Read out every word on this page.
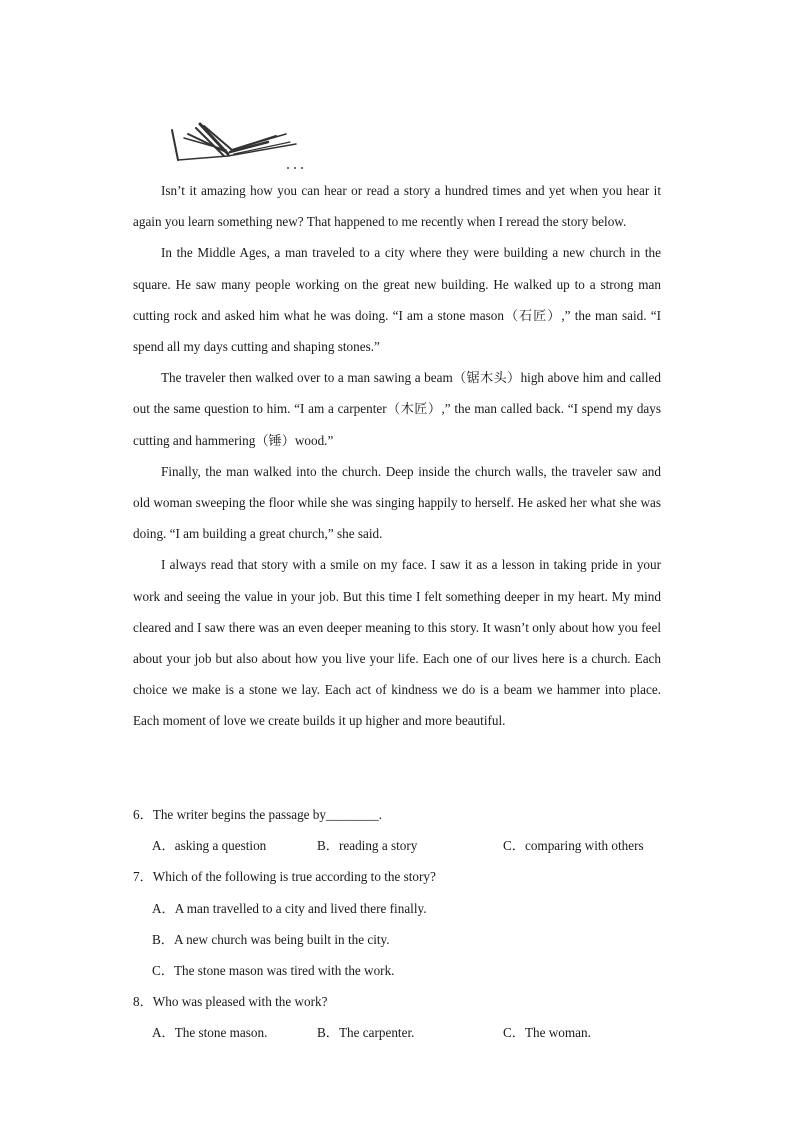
Isn’t it amazing how you can hear or read a story a hundred times and yet when you hear it again you learn something new? That happened to me recently when I reread the story below.

In the Middle Ages, a man traveled to a city where they were building a new church in the square. He saw many people working on the great new building. He walked up to a strong man cutting rock and asked him what he was doing. “I am a stone mason（石匠）,” the man said. “I spend all my days cutting and shaping stones.”

The traveler then walked over to a man sawing a beam（锯木头）high above him and called out the same question to him. “I am a carpenter（木匠）,” the man called back. “I spend my days cutting and hammering（锤）wood.”

Finally, the man walked into the church. Deep inside the church walls, the traveler saw and old woman sweeping the floor while she was singing happily to herself. He asked her what she was doing. “I am building a great church,” she said.

I always read that story with a smile on my face. I saw it as a lesson in taking pride in your work and seeing the value in your job. But this time I felt something deeper in my heart. My mind cleared and I saw there was an even deeper meaning to this story. It wasn’t only about how you feel about your job but also about how you live your life. Each one of our lives here is a church. Each choice we make is a stone we lay. Each act of kindness we do is a beam we hammer into place. Each moment of love we create builds it up higher and more beautiful.

6．The writer begins the passage by________.
A．asking a question	B．reading a story	C．comparing with others
7．Which of the following is true according to the story?
A．A man travelled to a city and lived there finally.
B．A new church was being built in the city.
C．The stone mason was tired with the work.
8．Who was pleased with the work?
A．The stone mason.	B．The carpenter.	C．The woman.
